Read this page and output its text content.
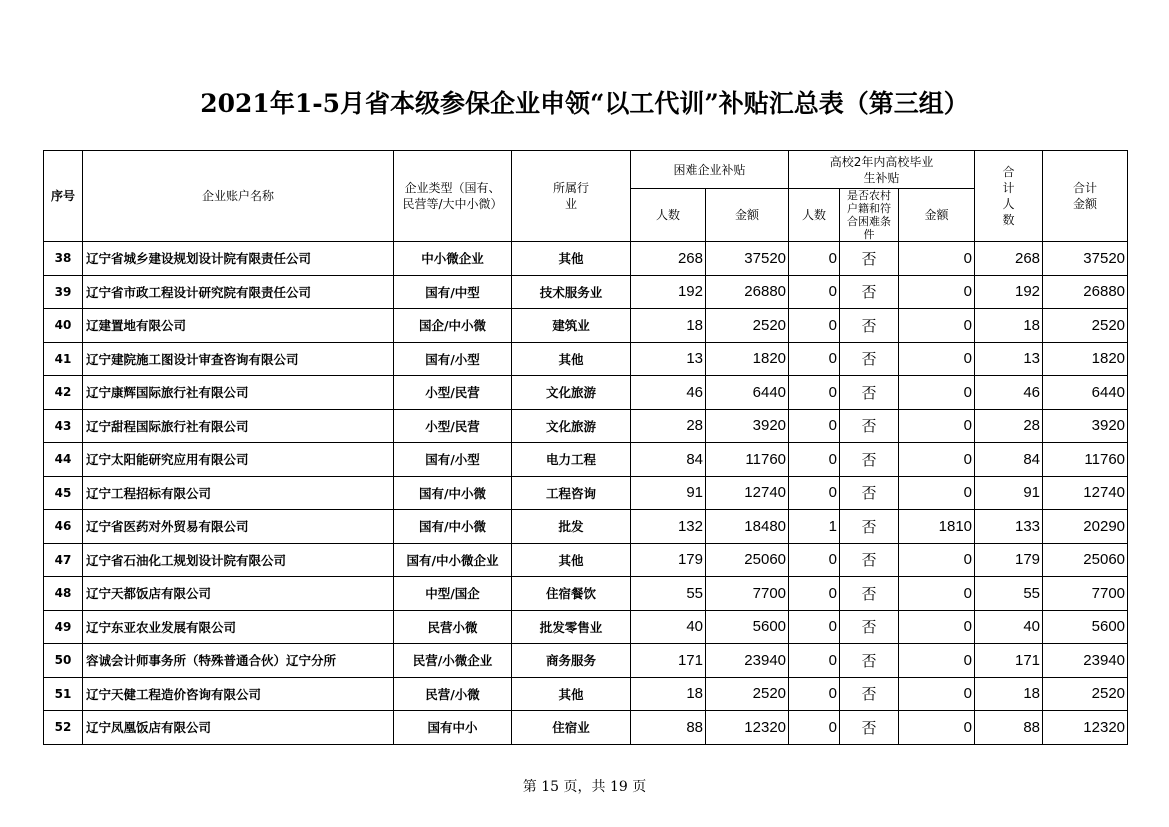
2021年1-5月省本级参保企业申领“以工代训”补贴汇总表（第三组）
序号	企业账户名称	企业类型（国有、民营等/大中小微）	所属行业	困难企业补贴		高校2年内高校毕业生补贴			合计人数	合计金额
				人数	金额	人数	是否农村户籍和符合困难条件	金额		
38	辽宁省城乡建设规划设计院有限责任公司	中小微企业	其他	268	37520	0	否	0	268	37520
39	辽宁省市政工程设计研究院有限责任公司	国有/中型	技术服务业	192	26880	0	否	0	192	26880
40	辽建置地有限公司	国企/中小微	建筑业	18	2520	0	否	0	18	2520
41	辽宁建院施工图设计审查咨询有限公司	国有/小型	其他	13	1820	0	否	0	13	1820
42	辽宁康辉国际旅行社有限公司	小型/民营	文化旅游	46	6440	0	否	0	46	6440
43	辽宁甜程国际旅行社有限公司	小型/民营	文化旅游	28	3920	0	否	0	28	3920
44	辽宁太阳能研究应用有限公司	国有/小型	电力工程	84	11760	0	否	0	84	11760
45	辽宁工程招标有限公司	国有/中小微	工程咨询	91	12740	0	否	0	91	12740
46	辽宁省医药对外贸易有限公司	国有/中小微	批发	132	18480	1	否	1810	133	20290
47	辽宁省石油化工规划设计院有限公司	国有/中小微企业	其他	179	25060	0	否	0	179	25060
48	辽宁天都饭店有限公司	中型/国企	住宿餐饮	55	7700	0	否	0	55	7700
49	辽宁东亚农业发展有限公司	民营小微	批发零售业	40	5600	0	否	0	40	5600
50	容诚会计师事务所（特殊普通合伙）辽宁分所	民营/小微企业	商务服务	171	23940	0	否	0	171	23940
51	辽宁天健工程造价咨询有限公司	民营/小微	其他	18	2520	0	否	0	18	2520
52	辽宁凤凰饭店有限公司	国有中小	住宿业	88	12320	0	否	0	88	12320
第 15 页，共 19 页
